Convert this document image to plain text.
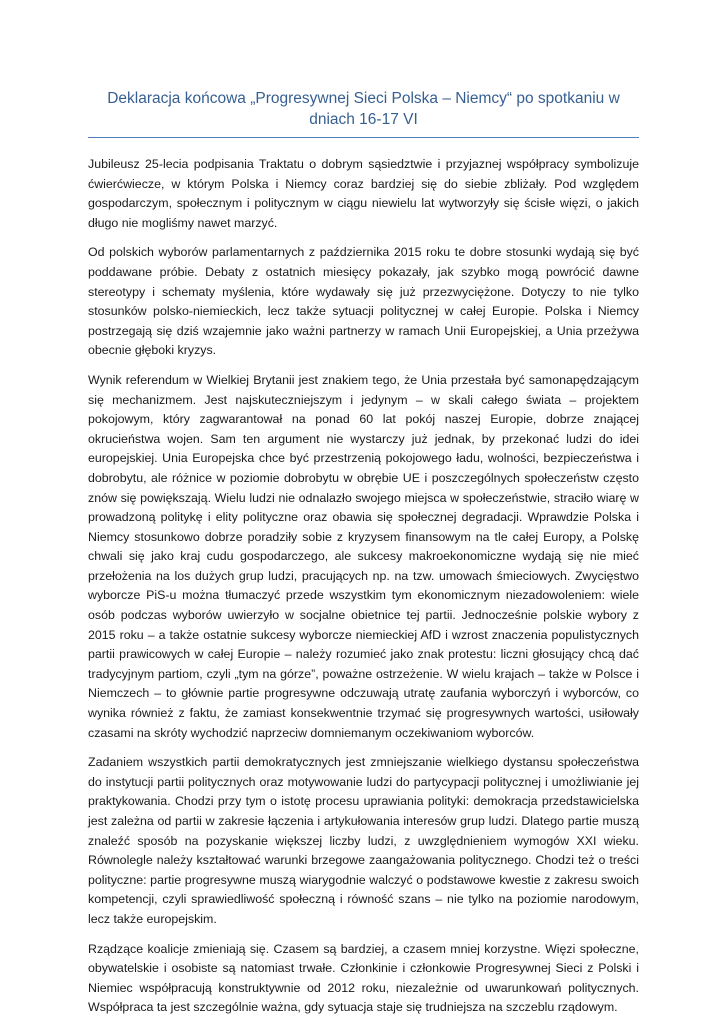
Deklaracja końcowa „Progresywnej Sieci Polska – Niemcy“ po spotkaniu w dniach 16-17 VI

Jubileusz 25-lecia podpisania Traktatu o dobrym sąsiedztwie i przyjaznej współpracy symbolizuje ćwierćwiecze, w którym Polska i Niemcy coraz bardziej się do siebie zbliżały. Pod względem gospodarczym, społecznym i politycznym w ciągu niewielu lat wytworzyły się ścisłe więzi, o jakich długo nie mogliśmy nawet marzyć.

Od polskich wyborów parlamentarnych z października 2015 roku te dobre stosunki wydają się być poddawane próbie. Debaty z ostatnich miesięcy pokazały, jak szybko mogą powrócić dawne stereotypy i schematy myślenia, które wydawały się już przezwyciężone. Dotyczy to nie tylko stosunków polsko-niemieckich, lecz także sytuacji politycznej w całej Europie. Polska i Niemcy postrzegają się dziś wzajemnie jako ważni partnerzy w ramach Unii Europejskiej, a Unia przeżywa obecnie głęboki kryzys.

Wynik referendum w Wielkiej Brytanii jest znakiem tego, że Unia przestała być samonapędzającym się mechanizmem. Jest najskuteczniejszym i jedynym – w skali całego świata – projektem pokojowym, który zagwarantował na ponad 60 lat pokój naszej Europie, dobrze znającej okrucieństwa wojen. Sam ten argument nie wystarczy już jednak, by przekonać ludzi do idei europejskiej. Unia Europejska chce być przestrzenią pokojowego ładu, wolności, bezpieczeństwa i dobrobytu, ale różnice w poziomie dobrobytu w obrębie UE i poszczególnych społeczeństw często znów się powiększają. Wielu ludzi nie odnalazło swojego miejsca w społeczeństwie, straciło wiarę w prowadzoną politykę i elity polityczne oraz obawia się społecznej degradacji. Wprawdzie Polska i Niemcy stosunkowo dobrze poradziły sobie z kryzysem finansowym na tle całej Europy, a Polskę chwali się jako kraj cudu gospodarczego, ale sukcesy makroekonomiczne wydają się nie mieć przełożenia na los dużych grup ludzi, pracujących np. na tzw. umowach śmieciowych. Zwycięstwo wyborcze PiS-u można tłumaczyć przede wszystkim tym ekonomicznym niezadowoleniem: wiele osób podczas wyborów uwierzyło w socjalne obietnice tej partii. Jednocześnie polskie wybory z 2015 roku – a także ostatnie sukcesy wyborcze niemieckiej AfD i wzrost znaczenia populistycznych partii prawicowych w całej Europie – należy rozumieć jako znak protestu: liczni głosujący chcą dać tradycyjnym partiom, czyli „tym na górze”, poważne ostrzeżenie. W wielu krajach – także w Polsce i Niemczech – to głównie partie progresywne odczuwają utratę zaufania wyborczyń i wyborców, co wynika również z faktu, że zamiast konsekwentnie trzymać się progresywnych wartości, usiłowały czasami na skróty wychodzić naprzeciw domniemanym oczekiwaniom wyborców.

Zadaniem wszystkich partii demokratycznych jest zmniejszanie wielkiego dystansu społeczeństwa do instytucji partii politycznych oraz motywowanie ludzi do partycypacji politycznej i umożliwianie jej praktykowania. Chodzi przy tym o istotę procesu uprawiania polityki: demokracja przedstawicielska jest zależna od partii w zakresie łączenia i artykułowania interesów grup ludzi. Dlatego partie muszą znaleźć sposób na pozyskanie większej liczby ludzi, z uwzględnieniem wymogów XXI wieku. Równolegle należy kształtować warunki brzegowe zaangażowania politycznego. Chodzi też o treści polityczne: partie progresywne muszą wiarygodnie walczyć o podstawowe kwestie z zakresu swoich kompetencji, czyli sprawiedliwość społeczną i równość szans – nie tylko na poziomie narodowym, lecz także europejskim.

Rządzące koalicje zmieniają się. Czasem są bardziej, a czasem mniej korzystne. Więzi społeczne, obywatelskie i osobiste są natomiast trwałe. Członkinie i członkowie Progresywnej Sieci z Polski i Niemiec współpracują konstruktywnie od 2012 roku, niezależnie od uwarunkowań politycznych. Współpraca ta jest szczególnie ważna, gdy sytuacja staje się trudniejsza na szczeblu rządowym.
